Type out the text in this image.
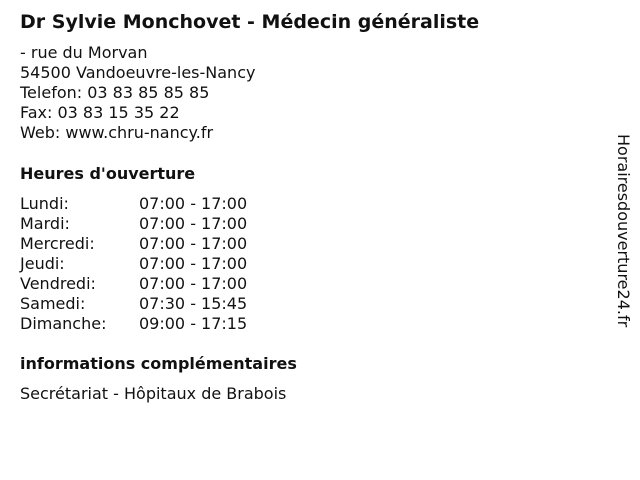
Dr Sylvie Monchovet - Médecin généraliste
- rue du Morvan
54500 Vandoeuvre-les-Nancy
Telefon: 03 83 85 85 85
Fax: 03 83 15 35 22
Web: www.chru-nancy.fr
Heures d'ouverture
Lundi:	07:00 - 17:00
Mardi:	07:00 - 17:00
Mercredi:	07:00 - 17:00
Jeudi:	07:00 - 17:00
Vendredi:	07:00 - 17:00
Samedi:	07:30 - 15:45
Dimanche:	09:00 - 17:15
informations complémentaires
Secrétariat - Hôpitaux de Brabois
Horairesdouverture24.fr
